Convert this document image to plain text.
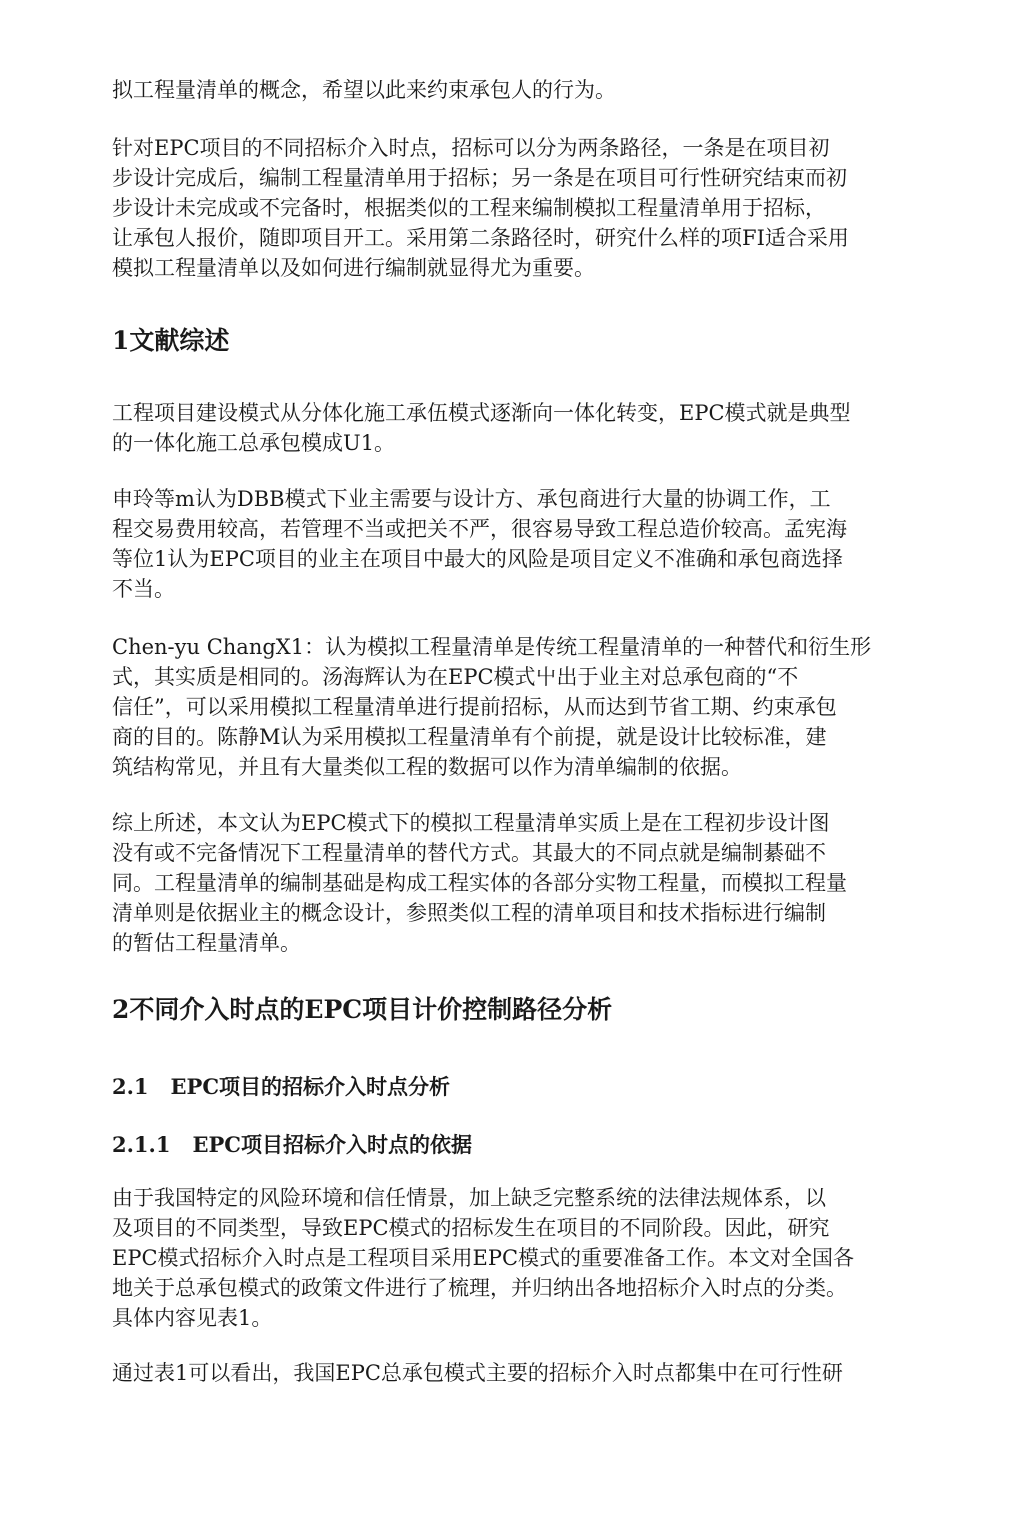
拟工程量清单的概念，希望以此来约束承包人的行为。
针对EPC项目的不同招标介入时点，招标可以分为两条路径，一条是在项目初
步设计完成后，编制工程量清单用于招标；另一条是在项目可行性研究结束而初
步设计未完成或不完备时，根据类似的工程来编制模拟工程量清单用于招标，
让承包人报价，随即项目开工。采用第二条路径时，研究什么样的项FI适合采用
模拟工程量清单以及如何进行编制就显得尤为重要。
1文献综述
工程项目建设模式从分体化施工承伍模式逐渐向一体化转变，EPC模式就是典型
的一体化施工总承包模成U1。
申玲等m认为DBB模式下业主需要与设计方、承包商进行大量的协调工作，工
程交易费用较高，若管理不当或把关不严，很容易导致工程总造价较高。孟宪海
等位1认为EPC项目的业主在项目中最大的风险是项目定义不准确和承包商选择
不当。
Chen-yu ChangX1：认为模拟工程量清单是传统工程量清单的一种替代和衍生形
式，其实质是相同的。汤海辉认为在EPC模式屮出于业主对总承包商的“不
信任”，可以采用模拟工程量清单进行提前招标，从而达到节省工期、约束承包
商的目的。陈静M认为采用模拟工程量清单有个前提，就是设计比较标准，建
筑结构常见，并且有大量类似工程的数据可以作为清单编制的依据。
综上所述，本文认为EPC模式下的模拟工程量清单实质上是在工程初步设计图
没有或不完备情况下工程量清单的替代方式。其最大的不同点就是编制綦础不
同。工程量清单的编制基础是构成工程实体的各部分实物工程量，而模拟工程量
清单则是依据业主的概念设计，参照类似工程的清单项目和技术指标进行编制
的暂估工程量清单。
2不同介入时点的EPC项目计价控制路径分析
2.1 EPC项目的招标介入时点分析
2.1.1 EPC项目招标介入时点的依据
由于我国特定的风险环境和信任情景，加上缺乏完整系统的法律法规体系，以
及项目的不同类型，导致EPC模式的招标发生在项目的不同阶段。因此，研究
EPC模式招标介入时点是工程项目采用EPC模式的重要准备工作。本文对全国各
地关于总承包模式的政策文件进行了梳理，并归纳出各地招标介入时点的分类。
具体内容见表1。
通过表1可以看出，我国EPC总承包模式主要的招标介入时点都集中在可行性研
